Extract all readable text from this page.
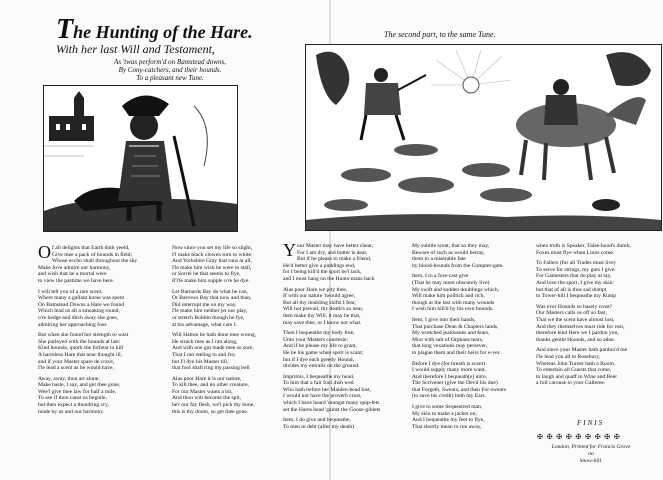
The Hunting of the Hare.
With her last Will and Testament,
As 'twas perform'd on Bamstead downs,
By Cony-catchers, and their hounds.
To a pleasant new Tune.
O f all delights that Earth doth yeeld,

Give mee a pack of hounds in field;

Whose eccho shall throughout the sky

Make Jove admire our harmony,

and wish that he a mortal were

to view the pastime we have here.

I will tell you of a rare scent,

Where many a gallant horse was spent

On Bamstead Downs a Hare we found

Which lead us all a smoaking round,

o're hedge and ditch away she goes,

admiring her approaching foes

But when she found her strength to wast

She parleyed with the hounds at last:

Kind hounds, quoth she forbear to kill

A harmless Hare that near thought ill,

and if your Master spare de crave,

I'le lead a scent as he would have,

Away, away, thou art alone;

Make haste, I say, and get thee gone,

Wee'l give thee law for half a mile,

To see if thou canst us beguile,

but then expect a thundring cry,

made by us and our harmony.

Now since you set my life so slight,

I'l make black clowen turn to white:

And Yorkshire Gray that runs at all,

I'le make him wish he were in stall,

or Sorrel he that seems to flye,

Il'l'le make him supple o're he dye.

Let Barnards Bay do what he can,

Or Barrows Bay that now and than,

Did interrupt me on my way,

I'le make him neither jet nor play,

or stretch Bobbin though he fye,

at his advantage, what care I.

Will Hatton he hath done mee wrong,

He struck mee as I ran along,

And with one gut made mee so sore,

That I ran reeling to and fro;

but I'l dye his Master till,

that fool shall ring my passing bell

Alas poor Hare it is our nature,

To kill thee, and no other creature,

For our Master wants a bit,

And thou wilt become the spit,

be't our fay flesh, we'l pick thy bone,

this is thy doom, so get thee gone.

The second part, to the same Tune.
Y our Master may have better chear,

For I am dry, and butter is dear,

But if he please to make a friend,

He'd better give a puddings end,

for I being kill'd the sport be'l lack,

and I must hang on the Hunts-mans back

Alas poor Hare we pity thee,

If with our nature 'twould agree,

But all thy doubling shifts I fear,

Will not prevail, thy death's so near,

then make thy Will, it may be that,

may save thee, or I know not what.

Then I bequeathe my body free,

Unto your Masters courtesie;

And if he please my life to grant,

He he his game when sport is scant;

but if I dye each greedy Hound,

divides my entrails on the ground.

Imprimis, I bequeathe my head,

To him that a fair foul dish wed

Who hath before her Maiden-head lost,

I would not have the proverb crost,

which I have heard 'mongst many quip-lets

set the Hares head 'gainst the Goose-giblets

Item, I do give and bequeathe,

To men in debt (after my death)

My subtile sceat, that so they may,

Beware of such as would betray,

them to a miserable fate

by blood-hounds from the Compter-gate.

Item, I to a fore-cast give

(That he may more obscurely live)

My swift and sudden doublings which,

Will make him politick and rich,

though at the last with many wounds

I wish him kill'd by his own hounds.

Item, I give into their hands,

That purchase Dean & Chapters lands,

My wretched jealousnes and fears,

Mixt with salt of Orphans tears,

that long vexations may persever,

to plague them and their heirs for e-ver.

Before I dye (for breath is scant)

I would supply many more want,

And therefore I bequeath[e] unto,

The Scrivener (give the Devil his due)

that Forgeth, Swears, and then For-swears

(to save his credit) both my Ears.

I give to some Sequestred man,

My skin to make a jacket on;

And I bequeathe my feet to flye,

That shortly mean to run away,

when truth is Speaker, False-hood's dumb,

Foxes must flye when Lions come.

To Fallers (for all Trades must live)

To serve for strings, my guts I give:

For Gamesters that do play at tay,

And love the sport, I give my skin:

but that of all is thus sad dumpt

to Tower-hill I bequeathe my Rump

Was ever Hounds so basely crost?

Our Masters calls us off so fast,

That we the scent have almost lost,

And they themselves must ride for rost,

therefore lend Here we I pardon you,

thanks gentle Hounds, and so adue.

And since your Master hath pardon'd me

I'le lead you all to Rosebury,

Whereas John Turner hath a Room,

To entertain all Guests that come,

to laugh and quaff in Wine and Beer

a full carouse to your Galleree.

FINIS
✠ ✠ ✠ ✠ ✠ ✠ ✠ ✠ ✠
London, Printed for Francis Grove on
Snow-hill.
